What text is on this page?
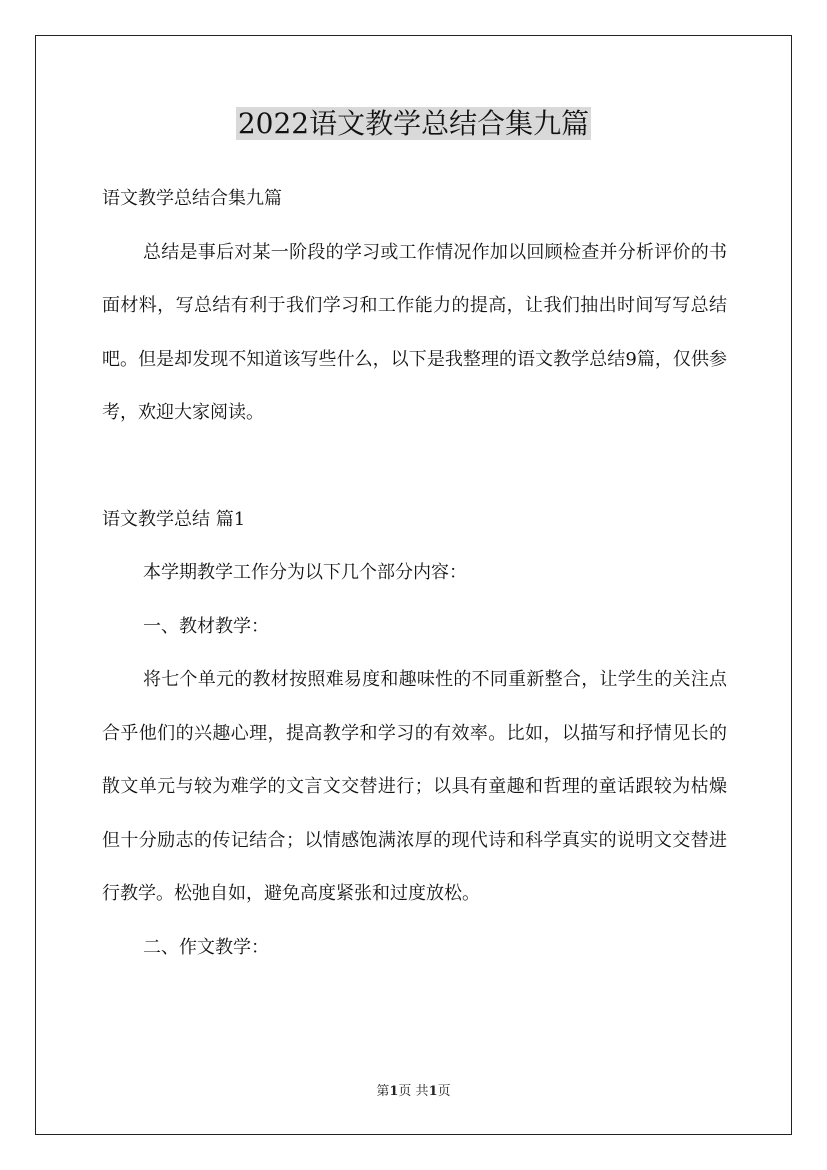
2022语文教学总结合集九篇

语文教学总结合集九篇

总结是事后对某一阶段的学习或工作情况作加以回顾检查并分析评价的书面材料，写总结有利于我们学习和工作能力的提高，让我们抽出时间写写总结吧。但是却发现不知道该写些什么，以下是我整理的语文教学总结9篇，仅供参考，欢迎大家阅读。

语文教学总结 篇1

本学期教学工作分为以下几个部分内容：

一、教材教学：

将七个单元的教材按照难易度和趣味性的不同重新整合，让学生的关注点合乎他们的兴趣心理，提高教学和学习的有效率。比如，以描写和抒情见长的散文单元与较为难学的文言文交替进行；以具有童趣和哲理的童话跟较为枯燥但十分励志的传记结合；以情感饱满浓厚的现代诗和科学真实的说明文交替进行教学。松弛自如，避免高度紧张和过度放松。

二、作文教学：

第1页 共1页
